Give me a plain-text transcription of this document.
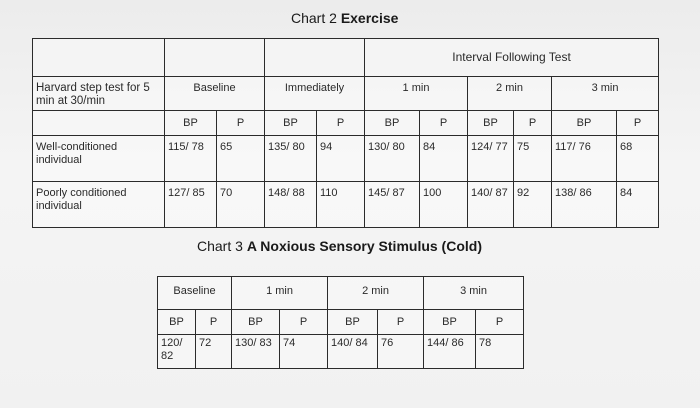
Chart 2 Exercise
					Interval Following Test					
Harvard step test for 5 min at 30/min	Baseline		Immediately		1 min		2 min		3 min	
	BP	P	BP	P	BP	P	BP	P	BP	P
Well-conditioned individual	115/ 78	65	135/ 80	94	130/ 80	84	124/ 77	75	117/ 76	68
Poorly conditioned individual	127/ 85	70	148/ 88	110	145/ 87	100	140/ 87	92	138/ 86	84
Chart 3 A Noxious Sensory Stimulus (Cold)
Baseline		1 min		2 min		3 min	
BP	P	BP	P	BP	P	BP	P
120/ 82	72	130/ 83	74	140/ 84	76	144/ 86	78
